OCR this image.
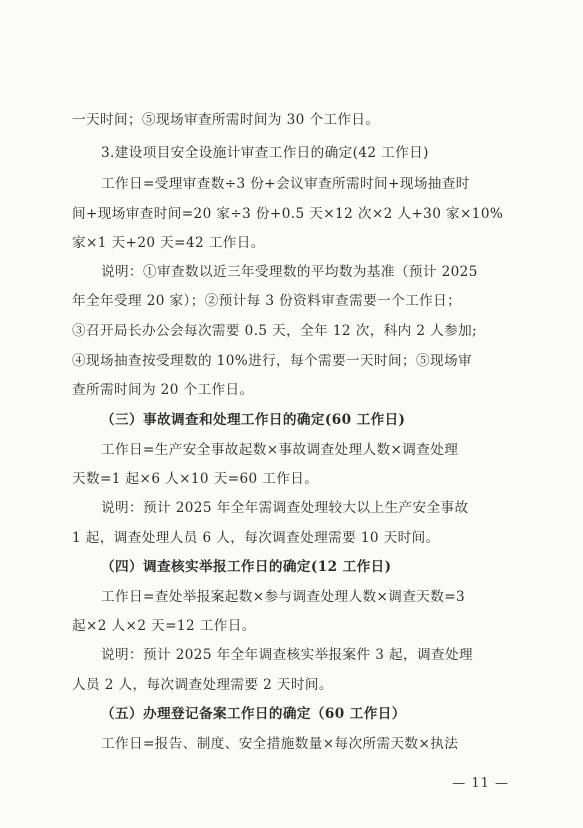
一天时间；⑤现场审查所需时间为 30 个工作日。
3.建设项目安全设施计审查工作日的确定(42 工作日)
工作日=受理审查数÷3 份+会议审查所需时间+现场抽查时
间+现场审查时间=20 家÷3 份+0.5 天×12 次×2 人+30 家×10%
家×1 天+20 天=42 工作日。
说明：①审查数以近三年受理数的平均数为基准（预计 2025
年全年受理 20 家）；②预计每 3 份资料审查需要一个工作日；
③召开局长办公会每次需要 0.5 天，全年 12 次，科内 2 人参加;
④现场抽查按受理数的 10%进行，每个需要一天时间；⑤现场审
查所需时间为 20 个工作日。
（三）事故调查和处理工作日的确定(60 工作日)
工作日=生产安全事故起数×事故调查处理人数×调查处理
天数=1 起×6 人×10 天=60 工作日。
说明：预计 2025 年全年需调查处理较大以上生产安全事故
1 起，调查处理人员 6 人，每次调查处理需要 10 天时间。
（四）调查核实举报工作日的确定(12 工作日)
工作日=查处举报案起数×参与调查处理人数×调查天数=3
起×2 人×2 天=12 工作日。
说明：预计 2025 年全年调查核实举报案件 3 起，调查处理
人员 2 人，每次调查处理需要 2 天时间。
（五）办理登记备案工作日的确定（60 工作日）
工作日=报告、制度、安全措施数量×每次所需天数×执法
— 11 —
